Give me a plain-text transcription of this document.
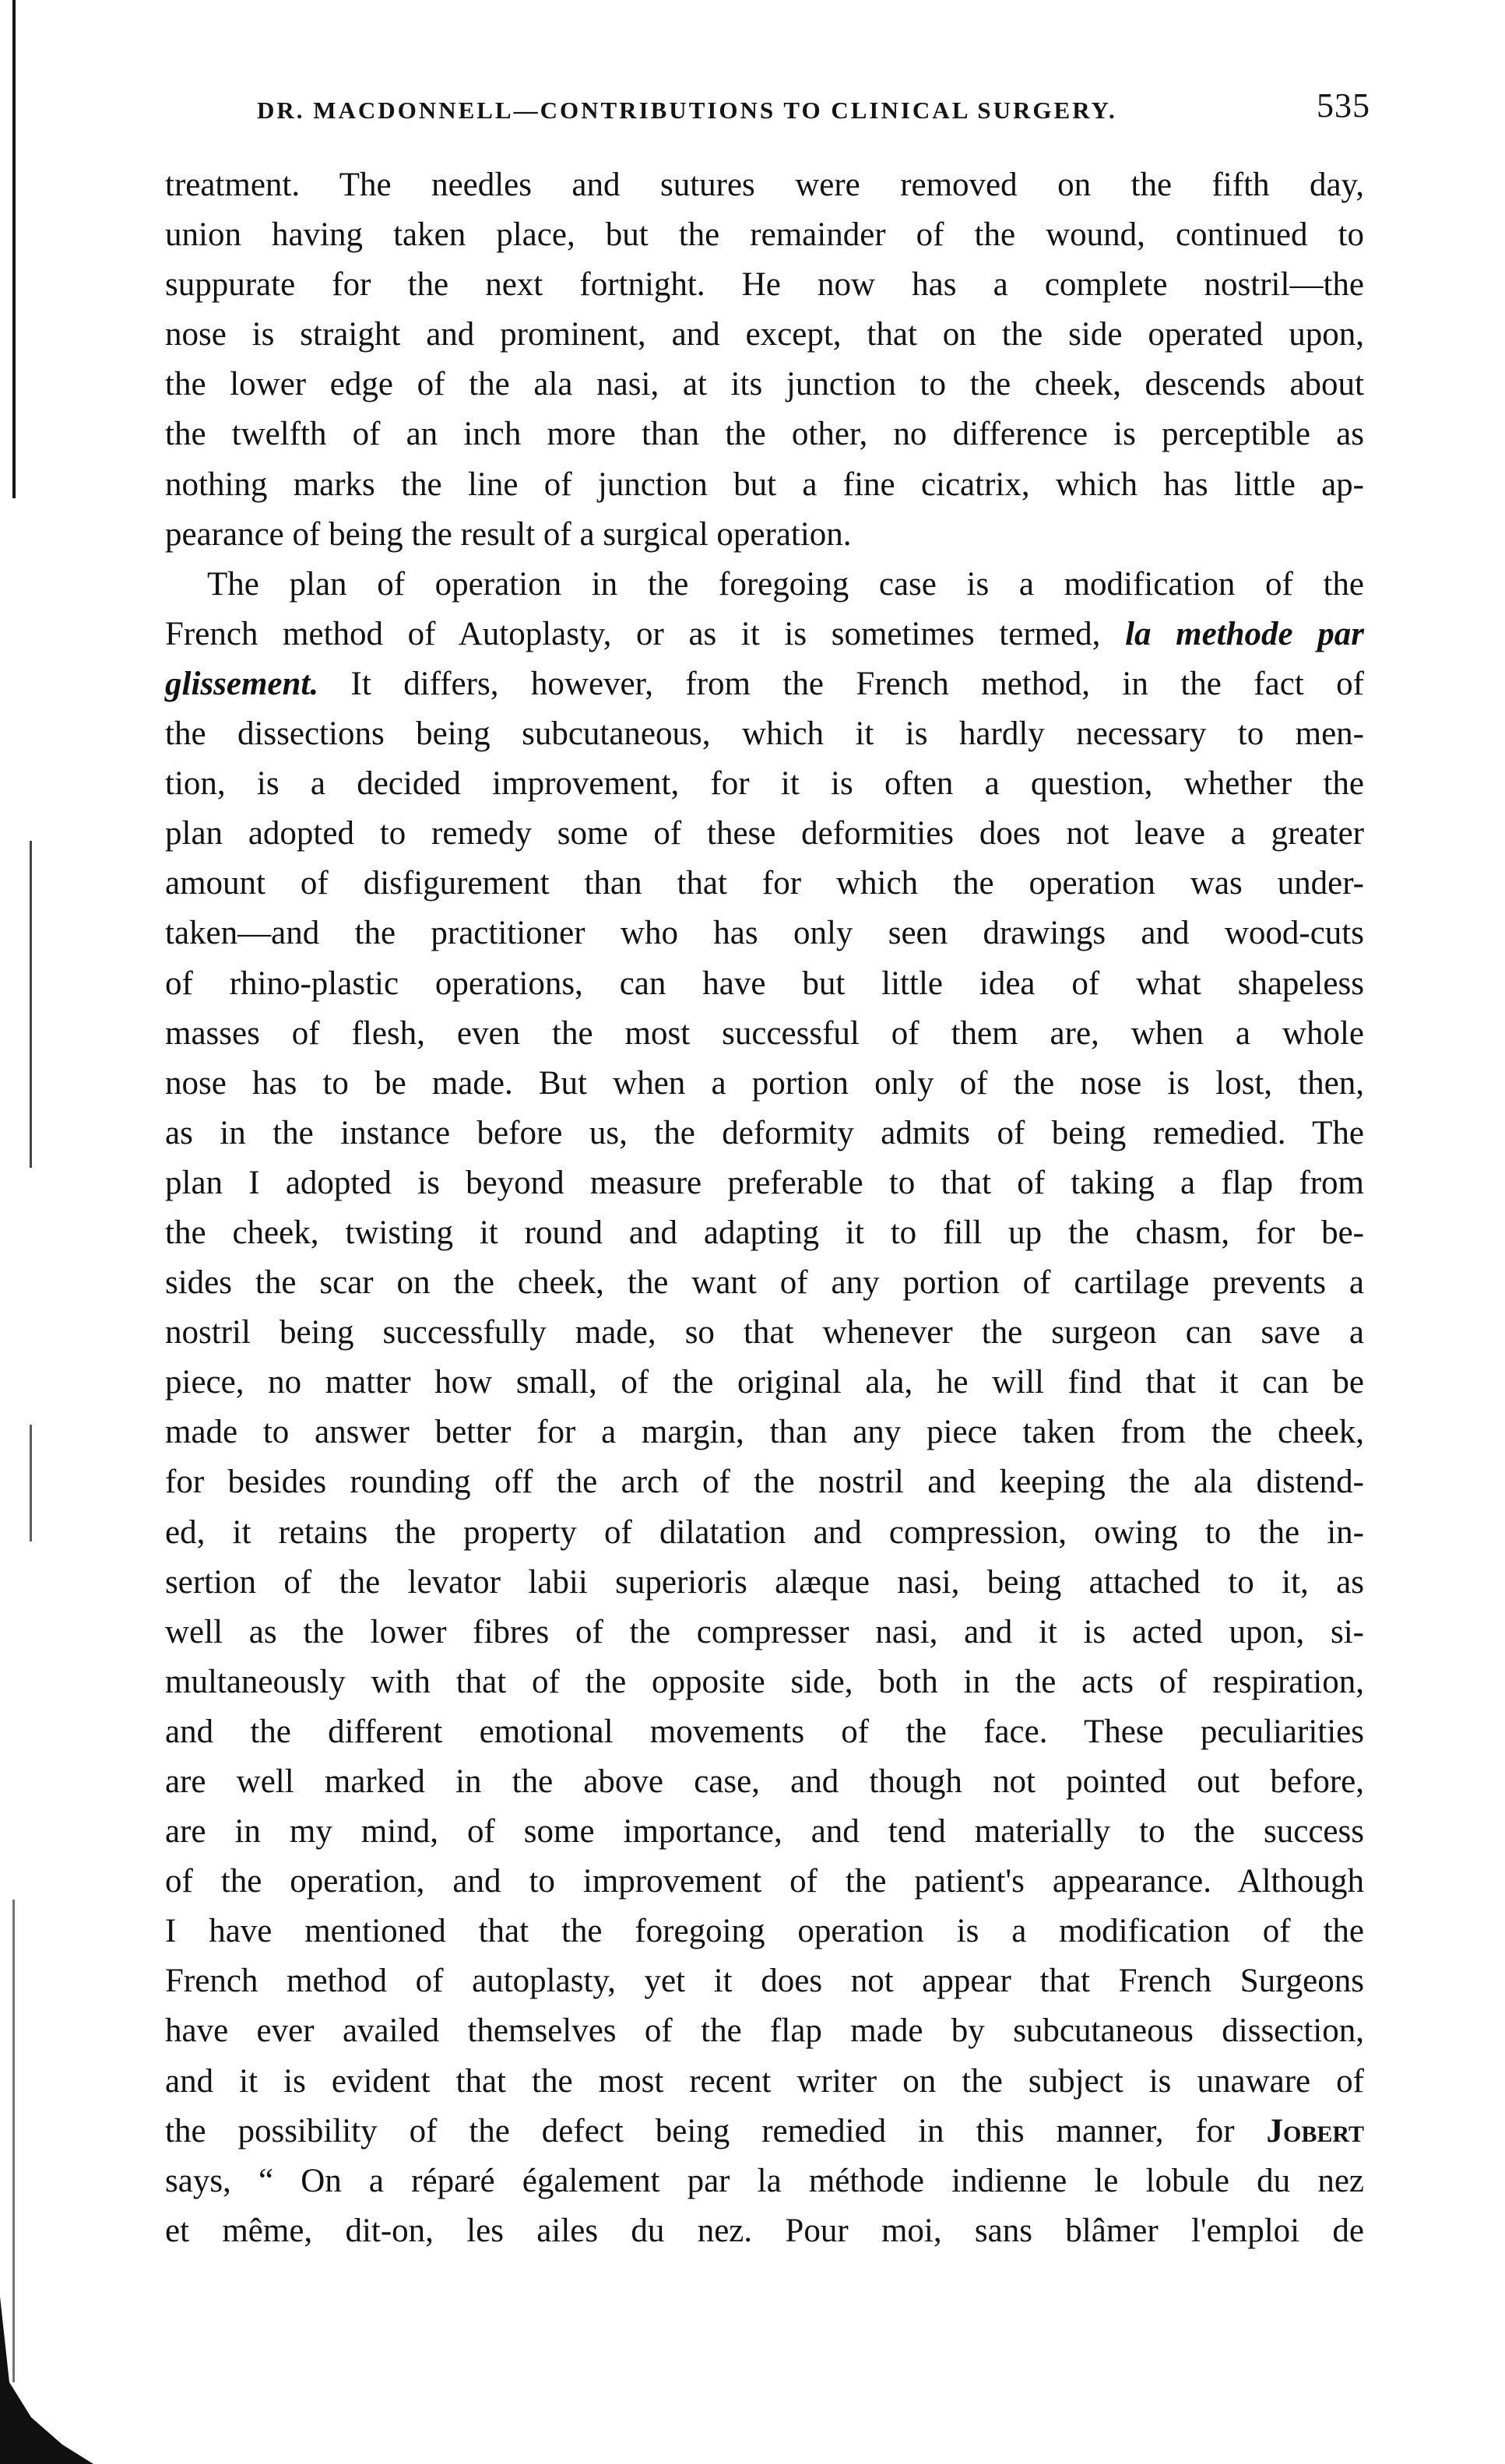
DR. MACDONNELL—CONTRIBUTIONS TO CLINICAL SURGERY.	535
treatment. The needles and sutures were removed on the fifth day,
union having taken place, but the remainder of the wound, continued to
suppurate for the next fortnight. He now has a complete nostril—the
nose is straight and prominent, and except, that on the side operated upon,
the lower edge of the ala nasi, at its junction to the cheek, descends about
the twelfth of an inch more than the other, no difference is perceptible as
nothing marks the line of junction but a fine cicatrix, which has little ap-
pearance of being the result of a surgical operation.
The plan of operation in the foregoing case is a modification of the
French method of Autoplasty, or as it is sometimes termed, la methode par
glissement. It differs, however, from the French method, in the fact of
the dissections being subcutaneous, which it is hardly necessary to men-
tion, is a decided improvement, for it is often a question, whether the
plan adopted to remedy some of these deformities does not leave a greater
amount of disfigurement than that for which the operation was under-
taken—and the practitioner who has only seen drawings and wood-cuts
of rhino-plastic operations, can have but little idea of what shapeless
masses of flesh, even the most successful of them are, when a whole
nose has to be made. But when a portion only of the nose is lost, then,
as in the instance before us, the deformity admits of being remedied. The
plan I adopted is beyond measure preferable to that of taking a flap from
the cheek, twisting it round and adapting it to fill up the chasm, for be-
sides the scar on the cheek, the want of any portion of cartilage prevents a
nostril being successfully made, so that whenever the surgeon can save a
piece, no matter how small, of the original ala, he will find that it can be
made to answer better for a margin, than any piece taken from the cheek,
for besides rounding off the arch of the nostril and keeping the ala distend-
ed, it retains the property of dilatation and compression, owing to the in-
sertion of the levator labii superioris alæque nasi, being attached to it, as
well as the lower fibres of the compresser nasi, and it is acted upon, si-
multaneously with that of the opposite side, both in the acts of respiration,
and the different emotional movements of the face. These peculiarities
are well marked in the above case, and though not pointed out before,
are in my mind, of some importance, and tend materially to the success
of the operation, and to improvement of the patient's appearance. Although
I have mentioned that the foregoing operation is a modification of the
French method of autoplasty, yet it does not appear that French Surgeons
have ever availed themselves of the flap made by subcutaneous dissection,
and it is evident that the most recent writer on the subject is unaware of
the possibility of the defect being remedied in this manner, for Jobert
says, “ On a réparé également par la méthode indienne le lobule du nez
et même, dit-on, les ailes du nez. Pour moi, sans blâmer l'emploi de
